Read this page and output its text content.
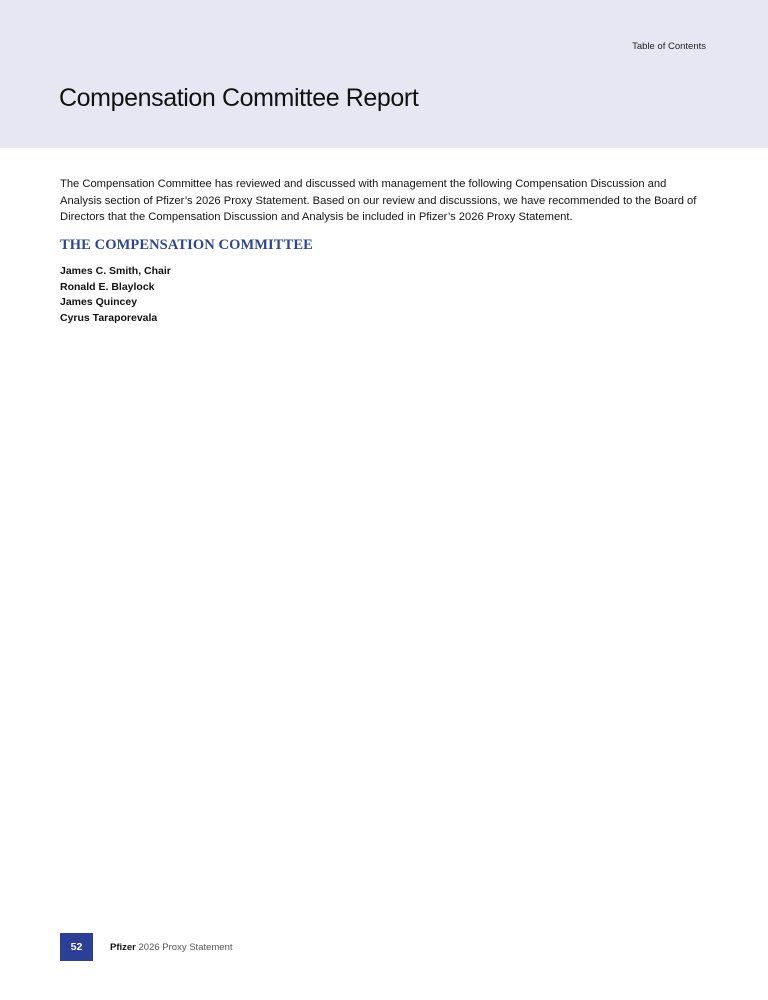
Table of Contents
Compensation Committee Report

The Compensation Committee has reviewed and discussed with management the following Compensation Discussion and Analysis section of Pfizer’s 2026 Proxy Statement. Based on our review and discussions, we have recommended to the Board of Directors that the Compensation Discussion and Analysis be included in Pfizer’s 2026 Proxy Statement.

THE COMPENSATION COMMITTEE
James C. Smith, Chair
Ronald E. Blaylock
James Quincey
Cyrus Taraporevala
52	Pfizer 2026 Proxy Statement
